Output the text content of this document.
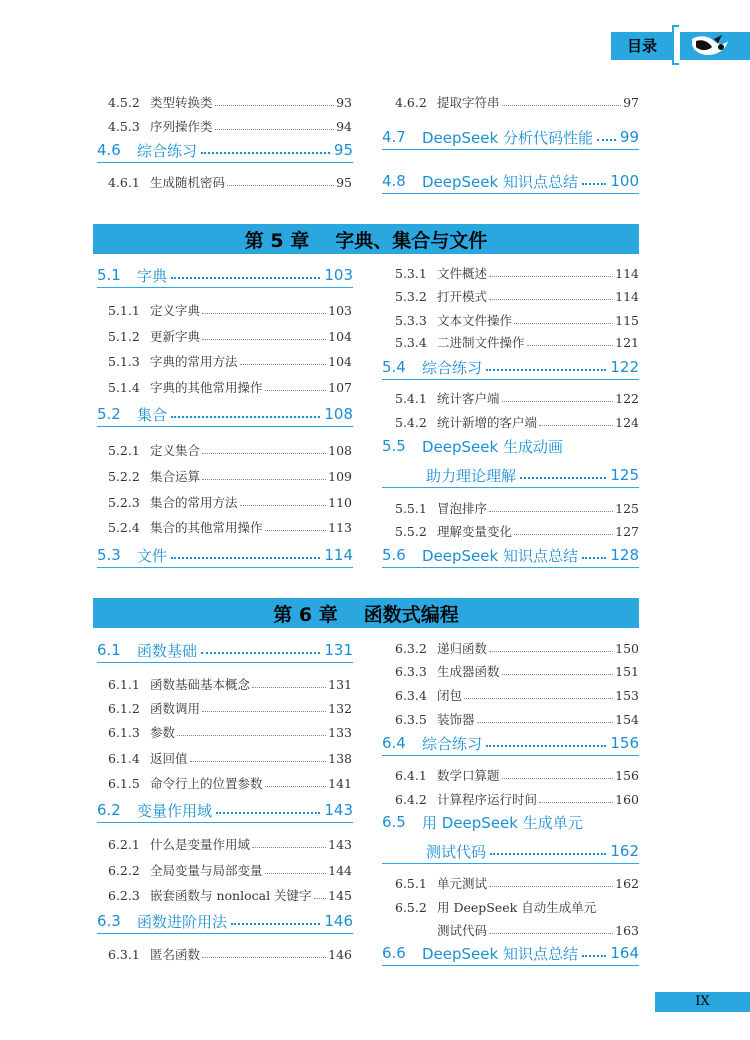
目录
4.5.2 类型转换类	93
4.5.3 序列操作类	94
4.6	综合练习	95
4.6.1 生成随机密码	95
4.6.2 提取字符串	97
4.7	DeepSeek 分析代码性能 99
4.8	DeepSeek 知识点总结 100
5.1	字典	103
5.1.1 定义字典	103
5.1.2 更新字典	104
5.1.3 字典的常用方法	104
5.1.4 字典的其他常用操作	107
5.2	集合	108
5.2.1 定义集合	108
5.2.2 集合运算	109
5.2.3 集合的常用方法	110
5.2.4 集合的其他常用操作	113
5.3	文件	114
5.3.1 文件概述	114
5.3.2 打开模式	114
5.3.3 文本文件操作	115
5.3.4 二进制文件操作	121
5.4	综合练习	122
5.4.1 统计客户端	122
5.4.2 统计新增的客户端	124
5.5	DeepSeek 生成动画
助力理论理解	125
5.5.1 冒泡排序	125
5.5.2 理解变量变化	127
5.6	DeepSeek 知识点总结 128
6.1	函数基础	131
6.1.1 函数基础基本概念	131
6.1.2 函数调用	132
6.1.3 参数	133
6.1.4 返回值	138
6.1.5 命令行上的位置参数	141
6.2	变量作用域	143
6.2.1 什么是变量作用域	143
6.2.2 全局变量与局部变量	144
6.2.3 嵌套函数与 nonlocal 关键字 145
6.3	函数进阶用法	146
6.3.1 匿名函数	146
6.3.2 递归函数	150
6.3.3 生成器函数	151
6.3.4 闭包	153
6.3.5 装饰器	154
6.4	综合练习	156
6.4.1 数学口算题	156
6.4.2 计算程序运行时间	160
6.5	用 DeepSeek 生成单元
测试代码	162
6.5.1 单元测试	162
6.5.2 用 DeepSeek 自动生成单元
测试代码	163
6.6	DeepSeek 知识点总结 164
第 5 章 字典、集合与文件
第 6 章 函数式编程
IX
